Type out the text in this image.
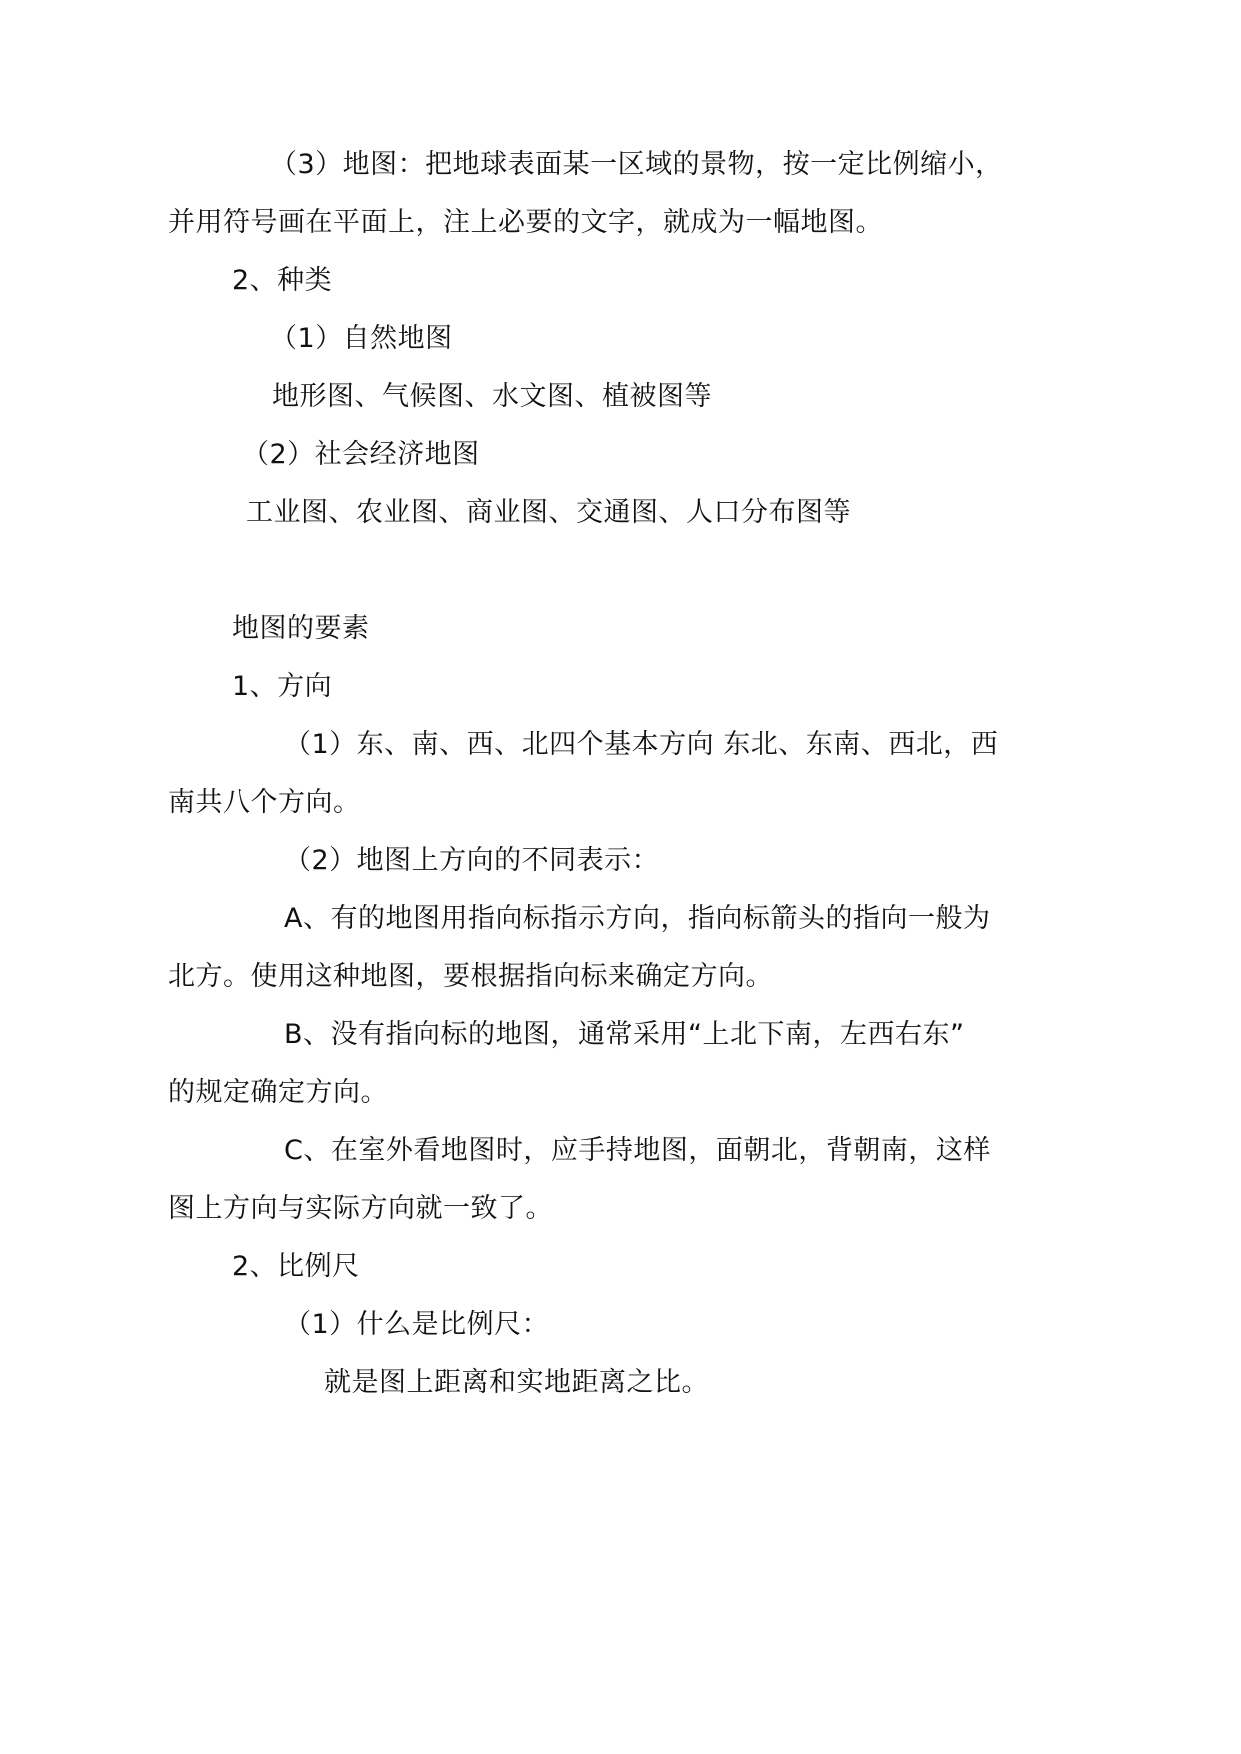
（3）地图：把地球表面某一区域的景物，按一定比例缩小，
并用符号画在平面上，注上必要的文字，就成为一幅地图。
2、种类
（1）自然地图
地形图、气候图、水文图、植被图等
（2）社会经济地图
工业图、农业图、商业图、交通图、人口分布图等
地图的要素
1、方向
（1）东、南、西、北四个基本方向 东北、东南、西北，西
南共八个方向。
（2）地图上方向的不同表示：
A、有的地图用指向标指示方向，指向标箭头的指向一般为
北方。使用这种地图，要根据指向标来确定方向。
B、没有指向标的地图，通常采用“上北下南，左西右东”
的规定确定方向。
C、在室外看地图时，应手持地图，面朝北，背朝南，这样
图上方向与实际方向就一致了。
2、比例尺
（1）什么是比例尺：
就是图上距离和实地距离之比。
